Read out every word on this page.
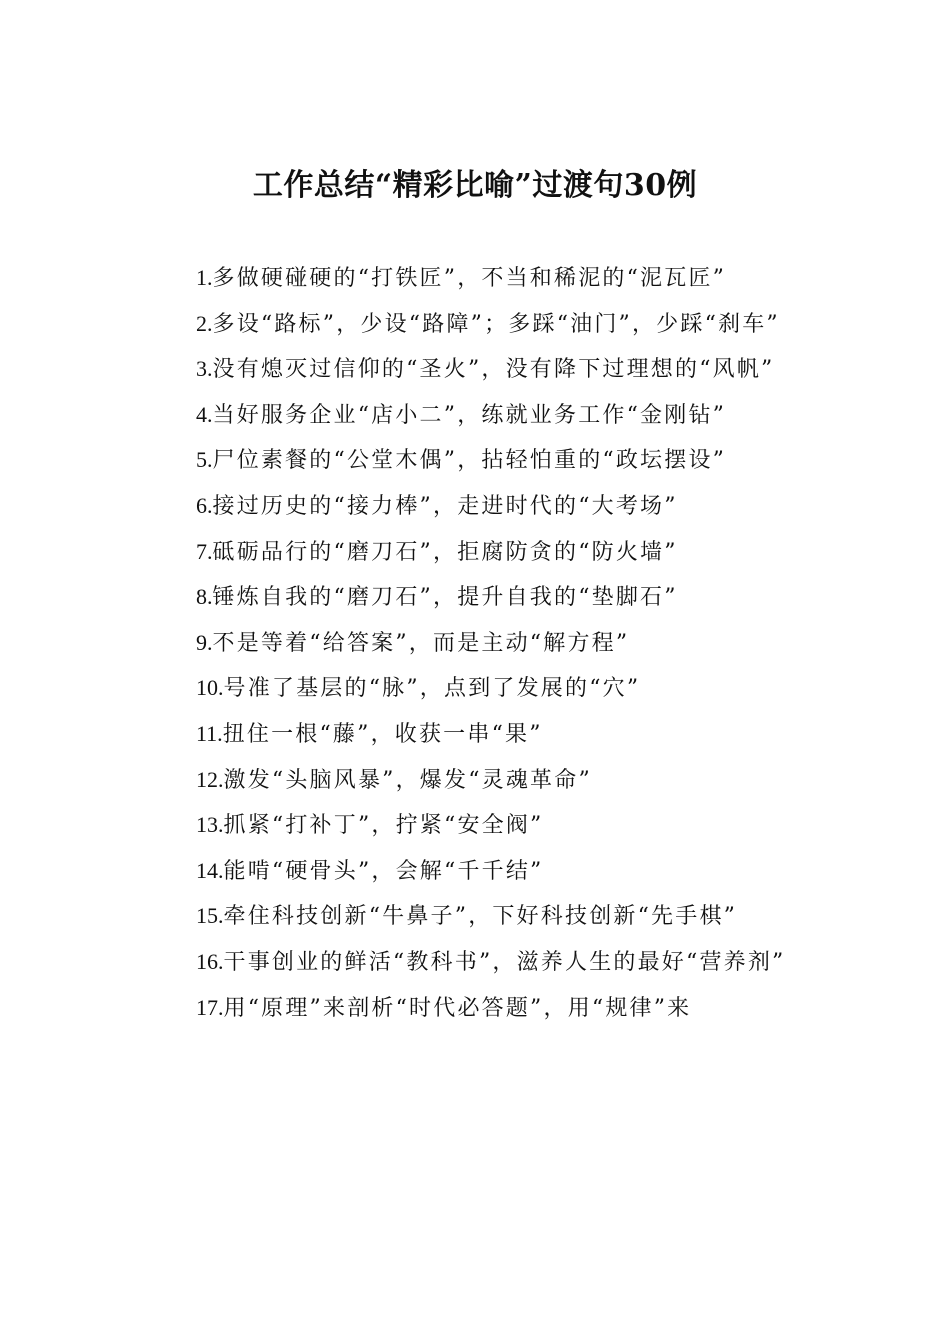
工作总结“精彩比喻”过渡句30例

1.多做硬碰硬的“打铁匠”，不当和稀泥的“泥瓦匠”

2.多设“路标”，少设“路障”；多踩“油门”，少踩“刹车”

3.没有熄灭过信仰的“圣火”，没有降下过理想的“风帆”

4.当好服务企业“店小二”，练就业务工作“金刚钻”

5.尸位素餐的“公堂木偶”，拈轻怕重的“政坛摆设”

6.接过历史的“接力棒”，走进时代的“大考场”

7.砥砺品行的“磨刀石”，拒腐防贪的“防火墙”

8.锤炼自我的“磨刀石”，提升自我的“垫脚石”

9.不是等着“给答案”，而是主动“解方程”

10.号准了基层的“脉”，点到了发展的“穴”

11.扭住一根“藤”，收获一串“果”

12.激发“头脑风暴”，爆发“灵魂革命”

13.抓紧“打补丁”，拧紧“安全阀”

14.能啃“硬骨头”，会解“千千结”

15.牵住科技创新“牛鼻子”，下好科技创新“先手棋”

16.干事创业的鲜活“教科书”，滋养人生的最好“营养剂”

17.用“原理”来剖析“时代必答题”，用“规律”来
